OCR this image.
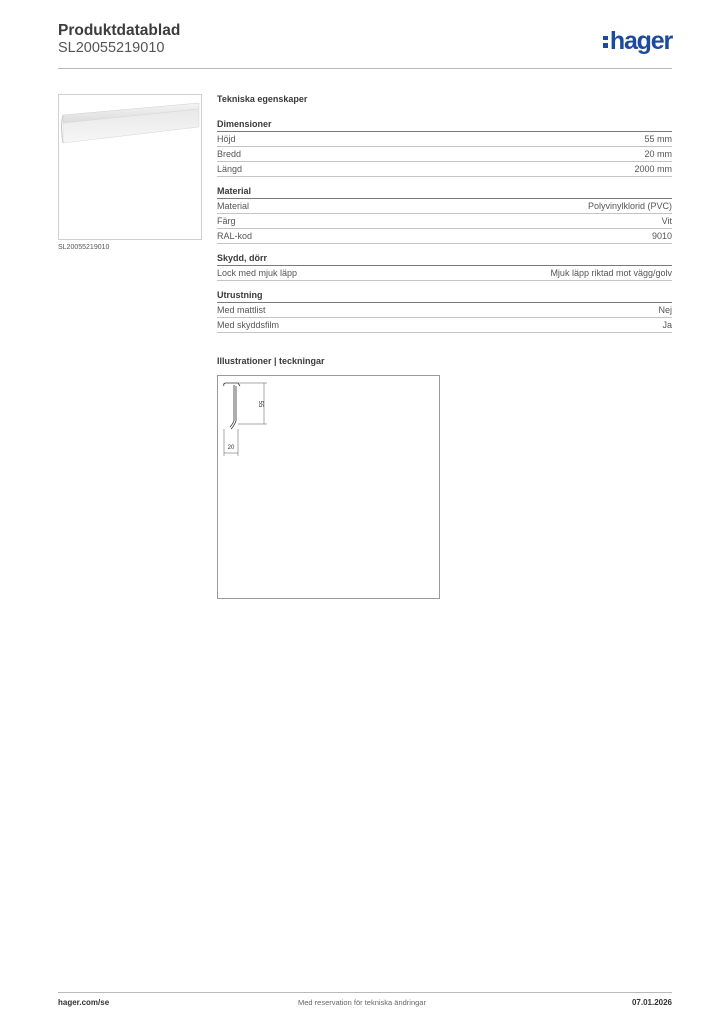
Produktdatablad
SL20055219010	hager
SL20055219010
Tekniska egenskaper
Dimensioner
Höjd	55 mm
Bredd	20 mm
Längd	2000 mm
Material
Material	Polyvinylklorid (PVC)
Färg	Vit
RAL-kod	9010
Skydd, dörr
Lock med mjuk läpp	Mjuk läpp riktad mot vägg/golv
Utrustning
Med mattlist	Nej
Med skyddsfilm	Ja
Illustrationer | teckningar
55
20
hager.com/se	Med reservation för tekniska ändringar	07.01.2026
